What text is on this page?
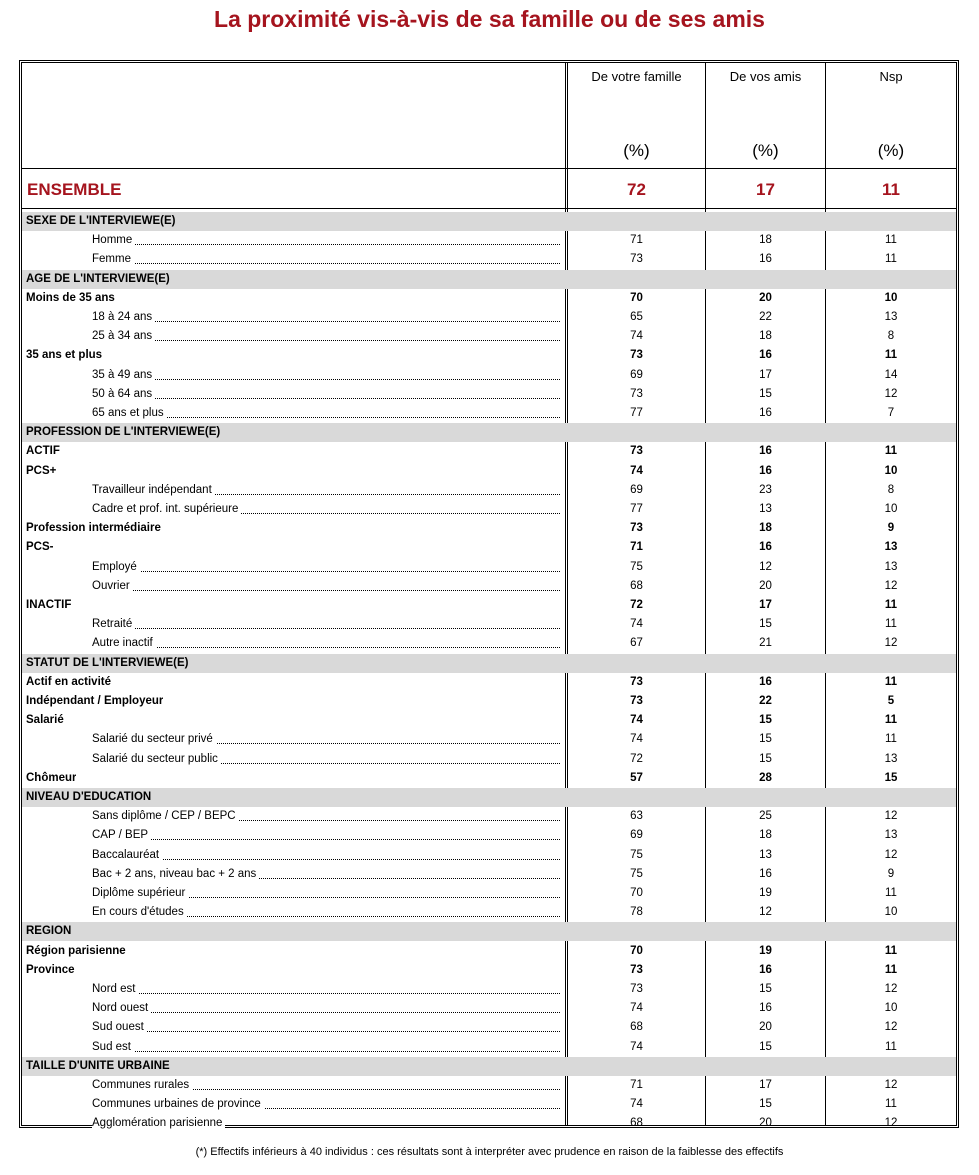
La proximité vis-à-vis de sa famille ou de ses amis
De votre famille	De vos amis	Nsp
(%)	(%)	(%)
ENSEMBLE	72	17	11
SEXE DE L'INTERVIEWE(E)
Homme	71	18	11
Femme	73	16	11
AGE DE L'INTERVIEWE(E)
Moins de 35 ans	70	20	10
18 à 24 ans	65	22	13
25 à 34 ans	74	18	8
35 ans et plus	73	16	11
35 à 49 ans	69	17	14
50 à 64 ans	73	15	12
65 ans et plus	77	16	7
PROFESSION DE L'INTERVIEWE(E)
ACTIF	73	16	11
PCS+	74	16	10
Travailleur indépendant	69	23	8
Cadre et prof. int. supérieure	77	13	10
Profession intermédiaire	73	18	9
PCS-	71	16	13
Employé	75	12	13
Ouvrier	68	20	12
INACTIF	72	17	11
Retraité	74	15	11
Autre inactif	67	21	12
STATUT DE L'INTERVIEWE(E)
Actif en activité	73	16	11
Indépendant / Employeur	73	22	5
Salarié	74	15	11
Salarié du secteur privé	74	15	11
Salarié du secteur public	72	15	13
Chômeur	57	28	15
NIVEAU D'EDUCATION
Sans diplôme / CEP / BEPC	63	25	12
CAP / BEP	69	18	13
Baccalauréat	75	13	12
Bac + 2 ans, niveau bac + 2 ans	75	16	9
Diplôme supérieur	70	19	11
En cours d'études	78	12	10
REGION
Région parisienne	70	19	11
Province	73	16	11
Nord est	73	15	12
Nord ouest	74	16	10
Sud ouest	68	20	12
Sud est	74	15	11
TAILLE D'UNITE URBAINE
Communes rurales	71	17	12
Communes urbaines de province	74	15	11
Agglomération parisienne	68	20	12
(*) Effectifs inférieurs à 40 individus : ces résultats sont à interpréter avec prudence en raison de la faiblesse des effectifs
